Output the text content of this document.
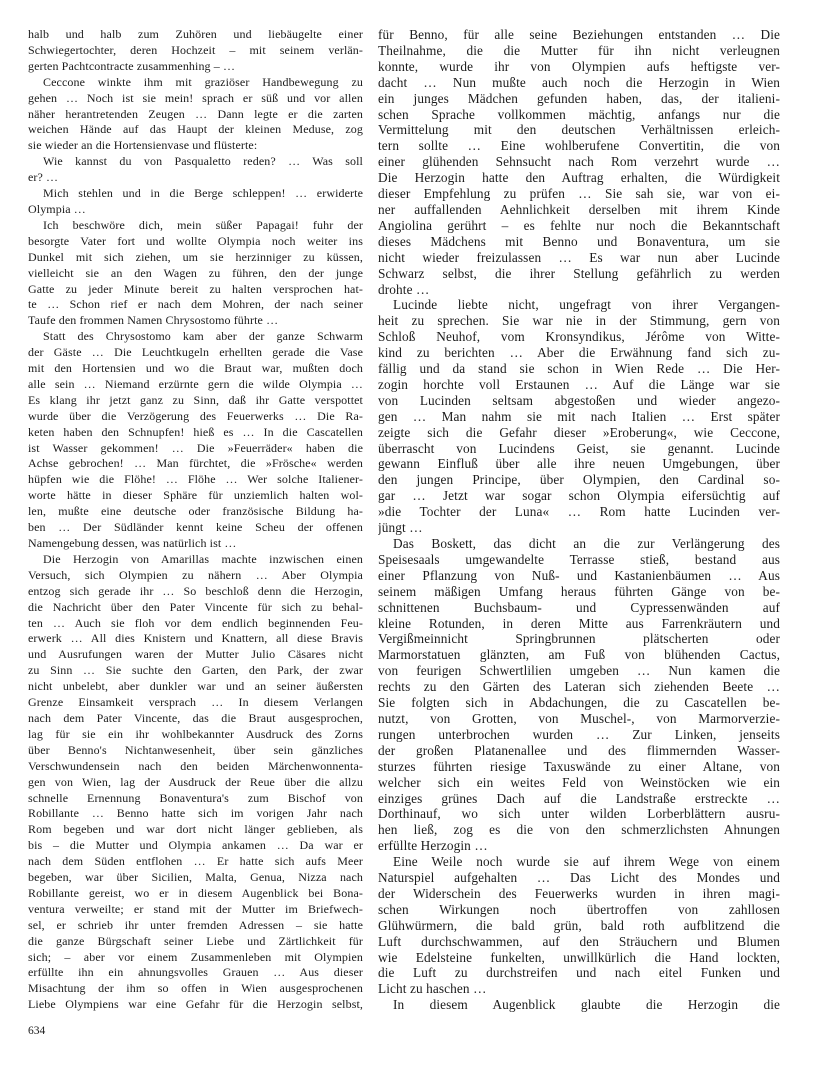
halb und halb zum Zuhören und liebäugelte einer
Schwiegertochter, deren Hochzeit – mit seinem verlän-
gerten Pachtcontracte zusammenhing – …
Ceccone winkte ihm mit graziöser Handbewegung zu
gehen … Noch ist sie mein! sprach er süß und vor allen
näher herantretenden Zeugen … Dann legte er die zarten
weichen Hände auf das Haupt der kleinen Meduse, zog
sie wieder an die Hortensienvase und flüsterte:
Wie kannst du von Pasqualetto reden? … Was soll
er? …
Mich stehlen und in die Berge schleppen! … erwiderte
Olympia …
Ich beschwöre dich, mein süßer Papagai! fuhr der
besorgte Vater fort und wollte Olympia noch weiter ins
Dunkel mit sich ziehen, um sie herzinniger zu küssen,
vielleicht sie an den Wagen zu führen, den der junge
Gatte zu jeder Minute bereit zu halten versprochen hat-
te … Schon rief er nach dem Mohren, der nach seiner
Taufe den frommen Namen Chrysostomo führte …
Statt des Chrysostomo kam aber der ganze Schwarm
der Gäste … Die Leuchtkugeln erhellten gerade die Vase
mit den Hortensien und wo die Braut war, mußten doch
alle sein … Niemand erzürnte gern die wilde Olympia …
Es klang ihr jetzt ganz zu Sinn, daß ihr Gatte verspottet
wurde über die Verzögerung des Feuerwerks … Die Ra-
keten haben den Schnupfen! hieß es … In die Cascatellen
ist Wasser gekommen! … Die »Feuerräder« haben die
Achse gebrochen! … Man fürchtet, die »Frösche« werden
hüpfen wie die Flöhe! … Flöhe … Wer solche Italiener-
worte hätte in dieser Sphäre für unziemlich halten wol-
len, mußte eine deutsche oder französische Bildung ha-
ben … Der Südländer kennt keine Scheu der offenen
Namengebung dessen, was natürlich ist …
Die Herzogin von Amarillas machte inzwischen einen
Versuch, sich Olympien zu nähern … Aber Olympia
entzog sich gerade ihr … So beschloß denn die Herzogin,
die Nachricht über den Pater Vincente für sich zu behal-
ten … Auch sie floh vor dem endlich beginnenden Feu-
erwerk … All dies Knistern und Knattern, all diese Bravis
und Ausrufungen waren der Mutter Julio Cäsares nicht
zu Sinn … Sie suchte den Garten, den Park, der zwar
nicht unbelebt, aber dunkler war und an seiner äußersten
Grenze Einsamkeit versprach … In diesem Verlangen
nach dem Pater Vincente, das die Braut ausgesprochen,
lag für sie ein ihr wohlbekannter Ausdruck des Zorns
über Benno's Nichtanwesenheit, über sein gänzliches
Verschwundensein nach den beiden Märchenwonnenta-
gen von Wien, lag der Ausdruck der Reue über die allzu
schnelle Ernennung Bonaventura's zum Bischof von
Robillante … Benno hatte sich im vorigen Jahr nach
Rom begeben und war dort nicht länger geblieben, als
bis – die Mutter und Olympia ankamen … Da war er
nach dem Süden entflohen … Er hatte sich aufs Meer
begeben, war über Sicilien, Malta, Genua, Nizza nach
Robillante gereist, wo er in diesem Augenblick bei Bona-
ventura verweilte; er stand mit der Mutter im Briefwech-
sel, er schrieb ihr unter fremden Adressen – sie hatte
die ganze Bürgschaft seiner Liebe und Zärtlichkeit für
sich; – aber vor einem Zusammenleben mit Olympien
erfüllte ihn ein ahnungsvolles Grauen … Aus dieser
Misachtung der ihm so offen in Wien ausgesprochenen
Liebe Olympiens war eine Gefahr für die Herzogin selbst,
für Benno, für alle seine Beziehungen entstanden … Die
Theilnahme, die die Mutter für ihn nicht verleugnen
konnte, wurde ihr von Olympien aufs heftigste ver-
dacht … Nun mußte auch noch die Herzogin in Wien
ein junges Mädchen gefunden haben, das, der italieni-
schen Sprache vollkommen mächtig, anfangs nur die
Vermittelung mit den deutschen Verhältnissen erleich-
tern sollte … Eine wohlberufene Convertitin, die von
einer glühenden Sehnsucht nach Rom verzehrt wurde …
Die Herzogin hatte den Auftrag erhalten, die Würdigkeit
dieser Empfehlung zu prüfen … Sie sah sie, war von ei-
ner auffallenden Aehnlichkeit derselben mit ihrem Kinde
Angiolina gerührt – es fehlte nur noch die Bekanntschaft
dieses Mädchens mit Benno und Bonaventura, um sie
nicht wieder freizulassen … Es war nun aber Lucinde
Schwarz selbst, die ihrer Stellung gefährlich zu werden
drohte …
Lucinde liebte nicht, ungefragt von ihrer Vergangen-
heit zu sprechen. Sie war nie in der Stimmung, gern von
Schloß Neuhof, vom Kronsyndikus, Jérôme von Witte-
kind zu berichten … Aber die Erwähnung fand sich zu-
fällig und da stand sie schon in Wien Rede … Die Her-
zogin horchte voll Erstaunen … Auf die Länge war sie
von Lucinden seltsam abgestoßen und wieder angezo-
gen … Man nahm sie mit nach Italien … Erst später
zeigte sich die Gefahr dieser »Eroberung«, wie Ceccone,
überrascht von Lucindens Geist, sie genannt. Lucinde
gewann Einfluß über alle ihre neuen Umgebungen, über
den jungen Principe, über Olympien, den Cardinal so-
gar … Jetzt war sogar schon Olympia eifersüchtig auf
»die Tochter der Luna« … Rom hatte Lucinden ver-
jüngt …
Das Boskett, das dicht an die zur Verlängerung des
Speisesaals umgewandelte Terrasse stieß, bestand aus
einer Pflanzung von Nuß- und Kastanienbäumen … Aus
seinem mäßigen Umfang heraus führten Gänge von be-
schnittenen Buchsbaum- und Cypressenwänden auf
kleine Rotunden, in deren Mitte aus Farrenkräutern und
Vergißmeinnicht Springbrunnen plätscherten oder
Marmorstatuen glänzten, am Fuß von blühenden Cactus,
von feurigen Schwertlilien umgeben … Nun kamen die
rechts zu den Gärten des Lateran sich ziehenden Beete …
Sie folgten sich in Abdachungen, die zu Cascatellen be-
nutzt, von Grotten, von Muschel-, von Marmorverzie-
rungen unterbrochen wurden … Zur Linken, jenseits
der großen Platanenallee und des flimmernden Wasser-
sturzes führten riesige Taxuswände zu einer Altane, von
welcher sich ein weites Feld von Weinstöcken wie ein
einziges grünes Dach auf die Landstraße erstreckte …
Dorthinauf, wo sich unter wilden Lorberblättern ausru-
hen ließ, zog es die von den schmerzlichsten Ahnungen
erfüllte Herzogin …
Eine Weile noch wurde sie auf ihrem Wege von einem
Naturspiel aufgehalten … Das Licht des Mondes und
der Widerschein des Feuerwerks wurden in ihren magi-
schen Wirkungen noch übertroffen von zahllosen
Glühwürmern, die bald grün, bald roth aufblitzend die
Luft durchschwammen, auf den Sträuchern und Blumen
wie Edelsteine funkelten, unwillkürlich die Hand lockten,
die Luft zu durchstreifen und nach eitel Funken und
Licht zu haschen …
In diesem Augenblick glaubte die Herzogin die
634
